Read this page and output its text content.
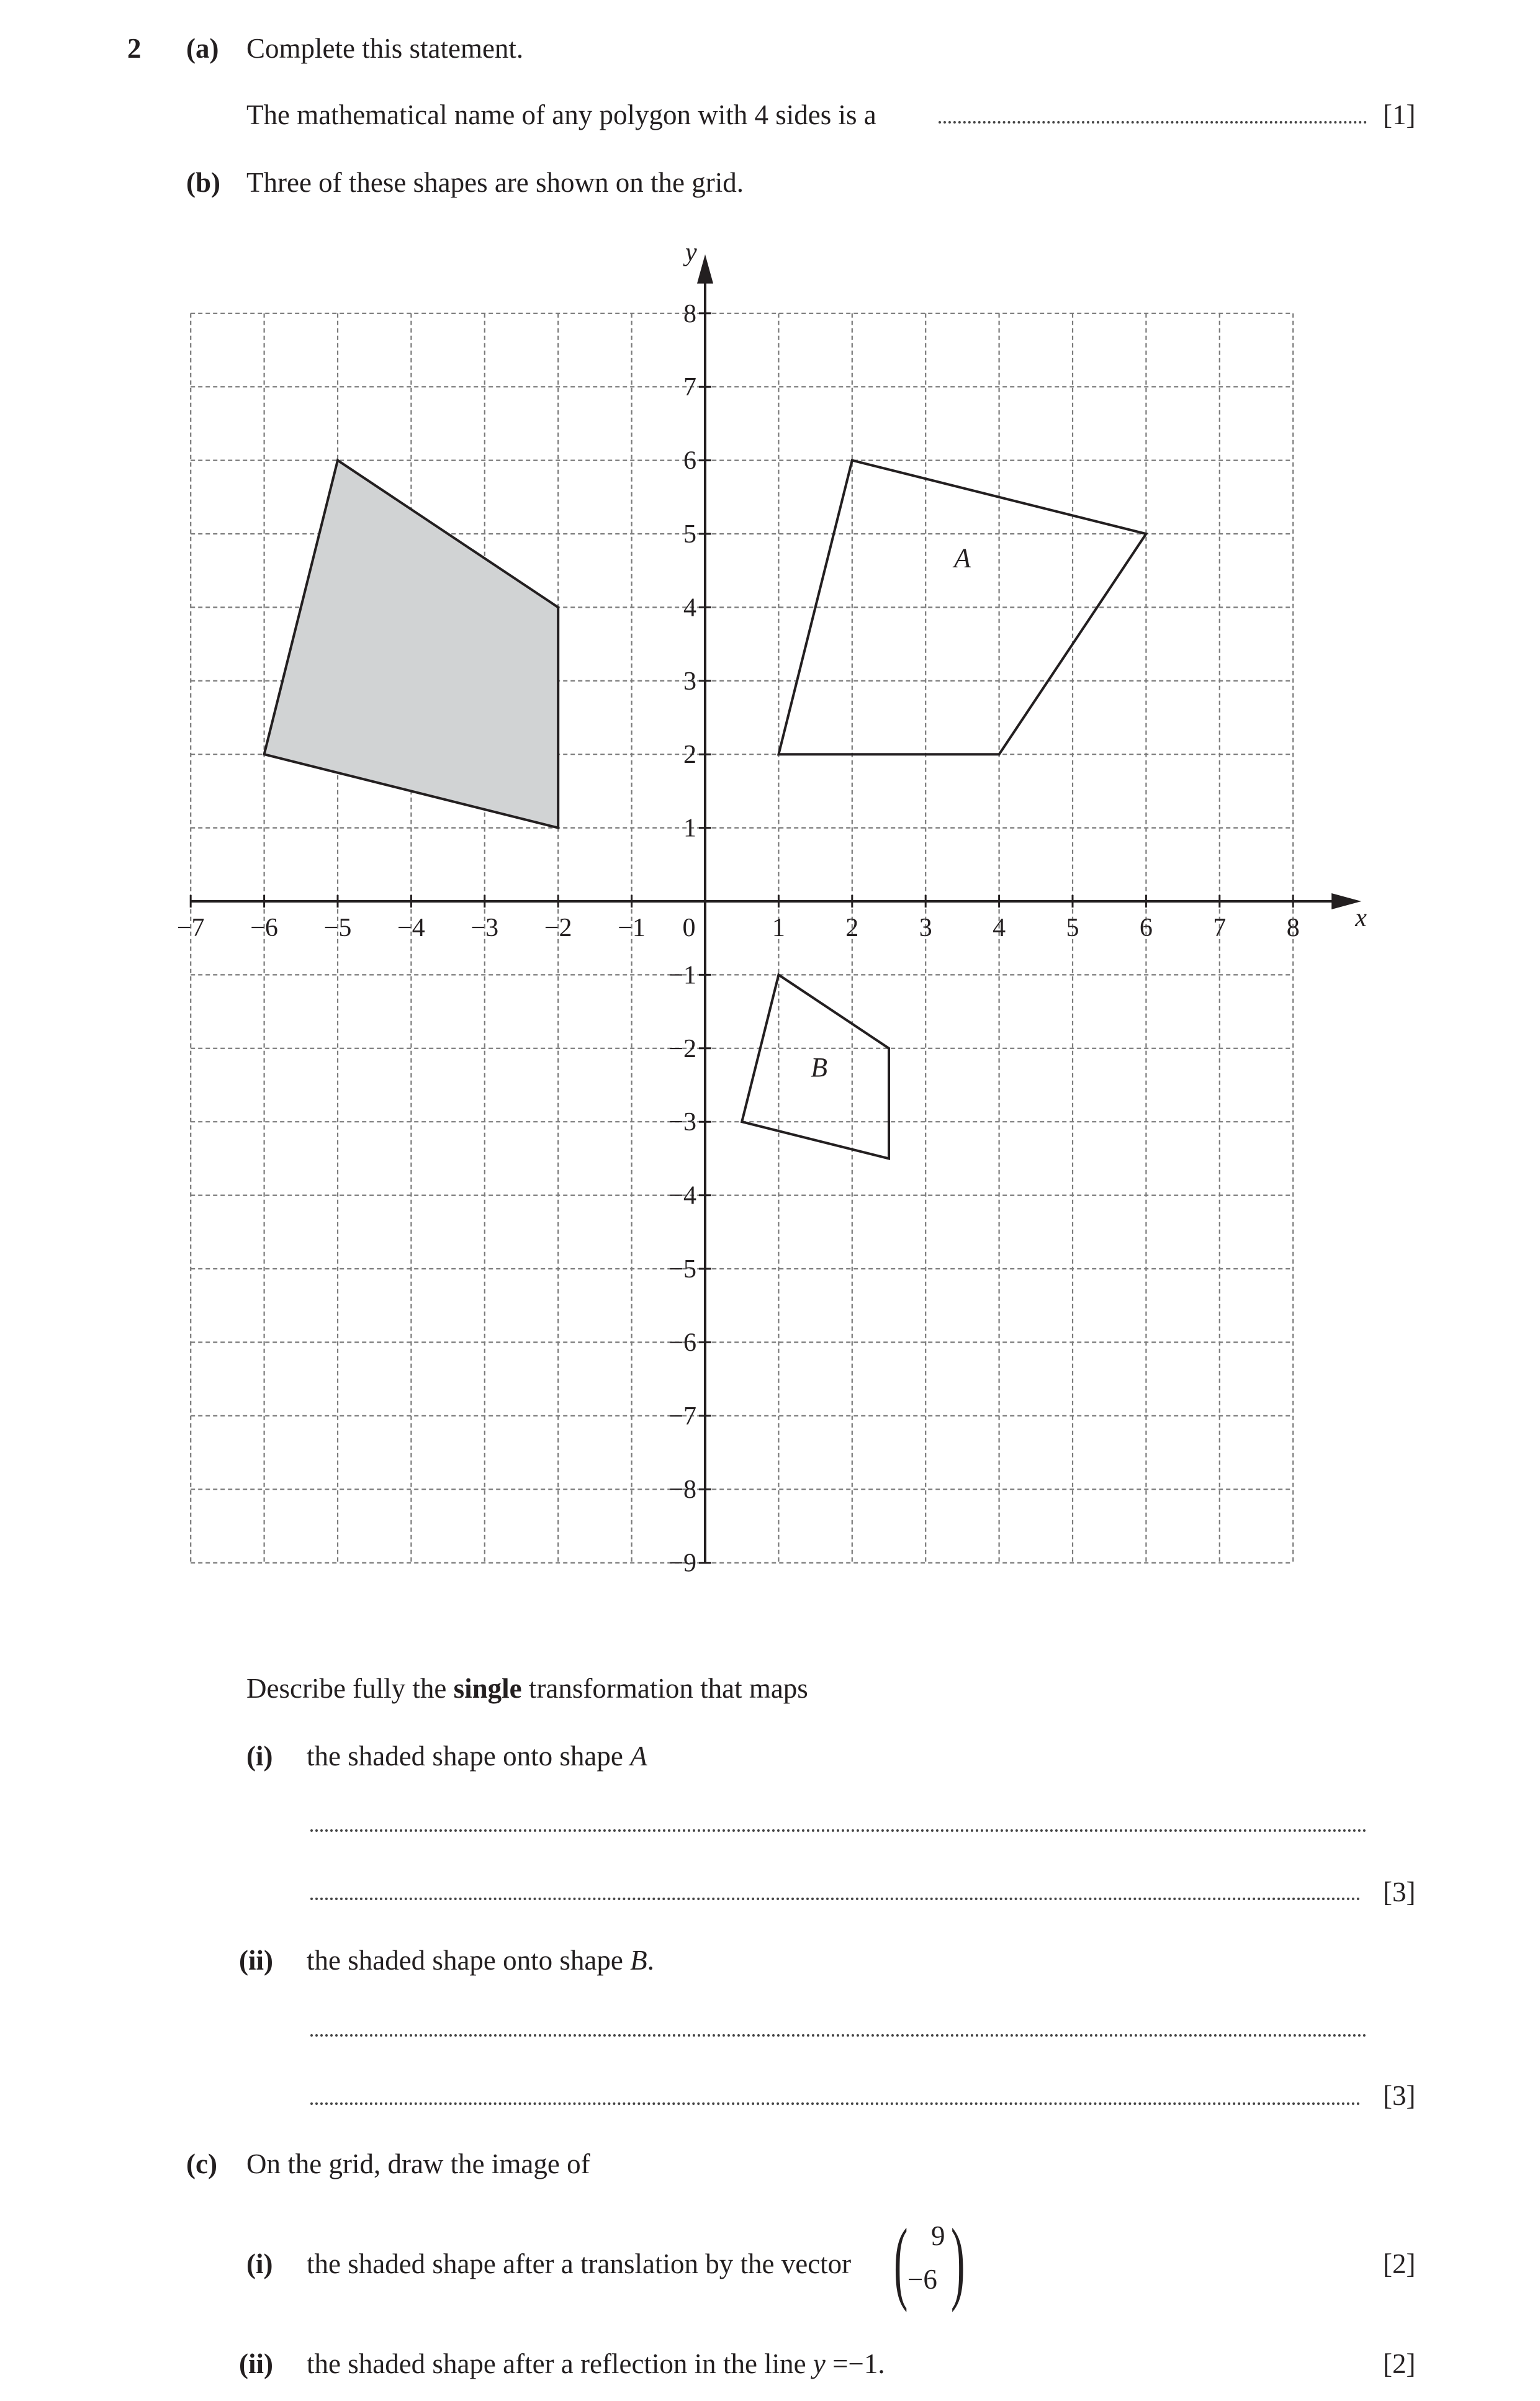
2 (a) Complete this statement.
The mathematical name of any polygon with 4 sides is a	[1]
(b) Three of these shapes are shown on the grid.
A
B
−7 −6 −5 −4 −3 −2 −1 0	1 2 3 4 5 6 7 8
−9
−8
−7
−6
−5
−4
−3
−2
−1
1
2
3
4
5
6
7
8
x
y
Describe fully the single transformation that maps
(i) the shaded shape onto shape A
[3]
(ii) the shaded shape onto shape B.
[3]
(c) On the grid, draw the image of
(i) the shaded shape after a translation by the vector ( 9
−6 )	[2]
(ii) the shaded shape after a reflection in the line y =−1.	[2]
